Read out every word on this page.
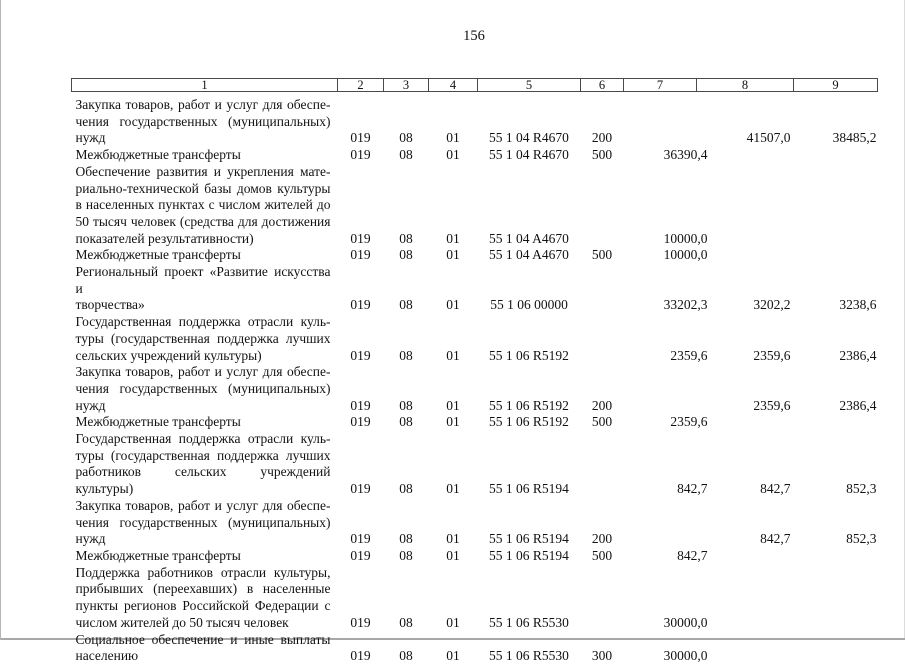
156
1	2	3	4	5	6	7	8	9

Закупка товаров, работ и услуг для обеспе-
чения государственных (муниципальных)
нужд	019	08	01	55 1 04 R4670	200		41507,0	38485,2

Межбюджетные трансферты	019	08	01	55 1 04 R4670	500	36390,4		

Обеспечение развития и укрепления мате-
риально-технической базы домов культуры
в населенных пунктах с числом жителей до
50 тысяч человек (средства для достижения
показателей результативности)	019	08	01	55 1 04 A4670		10000,0		

Межбюджетные трансферты	019	08	01	55 1 04 A4670	500	10000,0		

Региональный проект «Развитие искусства и
творчества»	019	08	01	55 1 06 00000		33202,3	3202,2	3238,6

Государственная поддержка отрасли куль-
туры (государственная поддержка лучших
сельских учреждений культуры)	019	08	01	55 1 06 R5192		2359,6	2359,6	2386,4

Закупка товаров, работ и услуг для обеспе-
чения государственных (муниципальных)
нужд	019	08	01	55 1 06 R5192	200		2359,6	2386,4

Межбюджетные трансферты	019	08	01	55 1 06 R5192	500	2359,6		

Государственная поддержка отрасли куль-
туры (государственная поддержка лучших
работников сельских учреждений культуры)	019	08	01	55 1 06 R5194		842,7	842,7	852,3

Закупка товаров, работ и услуг для обеспе-
чения государственных (муниципальных)
нужд	019	08	01	55 1 06 R5194	200		842,7	852,3

Межбюджетные трансферты	019	08	01	55 1 06 R5194	500	842,7		

Поддержка работников отрасли культуры,
прибывших (переехавших) в населенные
пункты регионов Российской Федерации с
числом жителей до 50 тысяч человек	019	08	01	55 1 06 R5530		30000,0		

Социальное обеспечение и иные выплаты
населению	019	08	01	55 1 06 R5530	300	30000,0		
